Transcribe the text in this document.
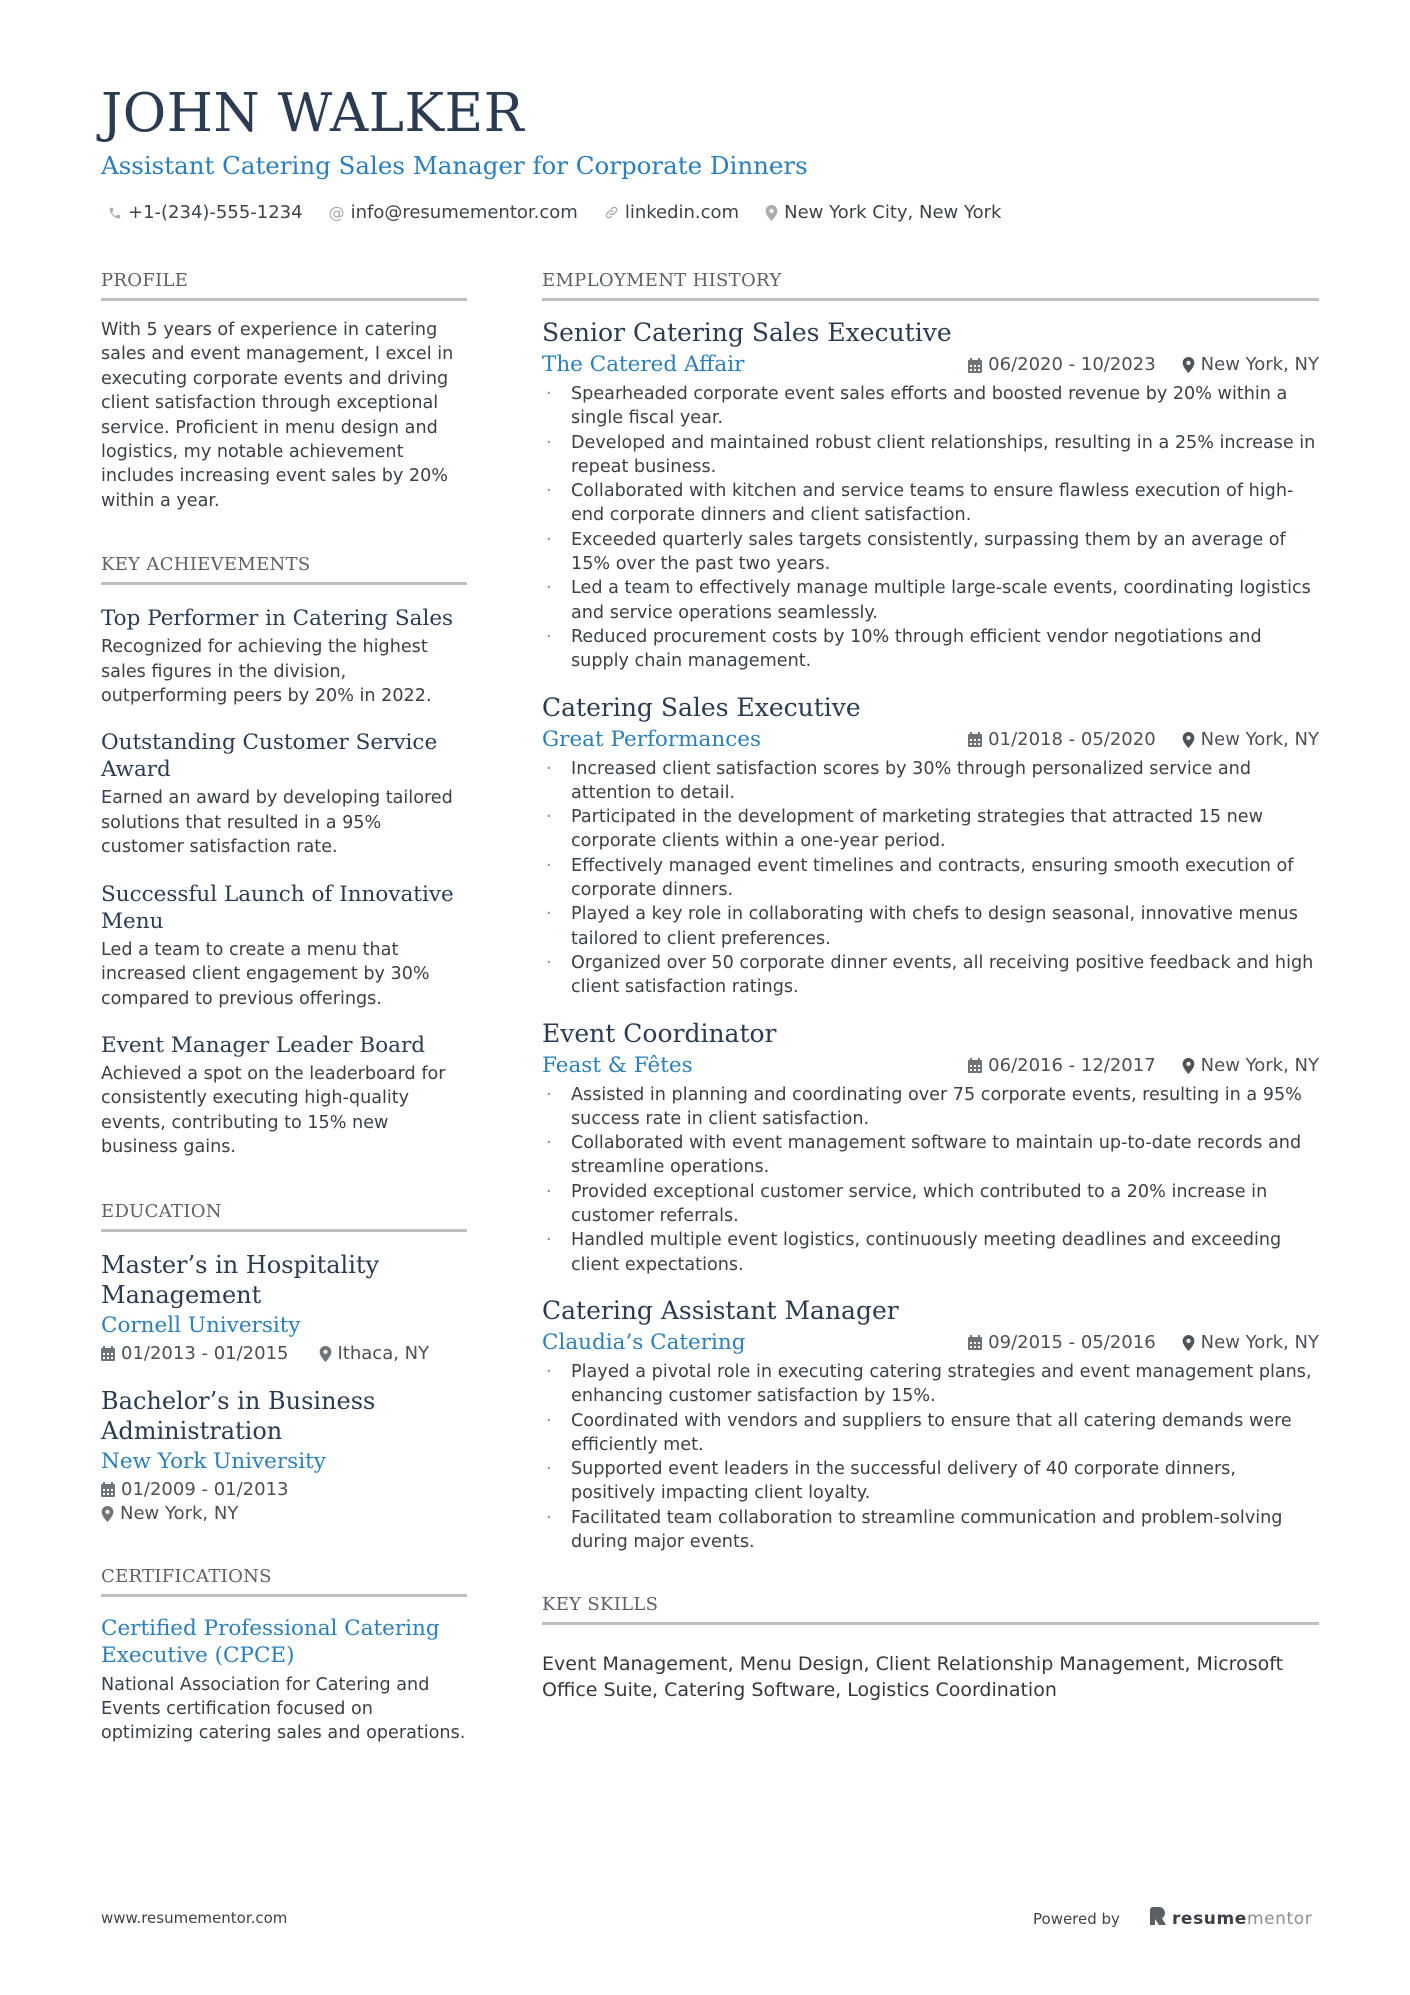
JOHN WALKER
Assistant Catering Sales Manager for Corporate Dinners
+1-(234)-555-1234 @ info@resumementor.com	linkedin.com	New York City, New York
PROFILE
With 5 years of experience in catering sales and event management, I excel in executing corporate events and driving client satisfaction through exceptional service. Proficient in menu design and logistics, my notable achievement includes increasing event sales by 20% within a year.
KEY ACHIEVEMENTS
Top Performer in Catering Sales
Recognized for achieving the highest sales figures in the division, outperforming peers by 20% in 2022.
Outstanding Customer Service Award
Earned an award by developing tailored solutions that resulted in a 95% customer satisfaction rate.
Successful Launch of Innovative Menu
Led a team to create a menu that increased client engagement by 30% compared to previous offerings.
Event Manager Leader Board
Achieved a spot on the leaderboard for consistently executing high-quality events, contributing to 15% new business gains.
EDUCATION
Master’s in Hospitality Management
Cornell University
01/2013 - 01/2015	Ithaca, NY
Bachelor’s in Business Administration
New York University
01/2009 - 01/2013
New York, NY
CERTIFICATIONS
Certified Professional Catering Executive (CPCE)
National Association for Catering and Events certification focused on optimizing catering sales and operations.
EMPLOYMENT HISTORY
Senior Catering Sales Executive
The Catered Affair	06/2020 - 10/2023	New York, NY
· Spearheaded corporate event sales efforts and boosted revenue by 20% within a single fiscal year.
· Developed and maintained robust client relationships, resulting in a 25% increase in repeat business.
· Collaborated with kitchen and service teams to ensure flawless execution of high-end corporate dinners and client satisfaction.
· Exceeded quarterly sales targets consistently, surpassing them by an average of 15% over the past two years.
· Led a team to effectively manage multiple large-scale events, coordinating logistics and service operations seamlessly.
· Reduced procurement costs by 10% through efficient vendor negotiations and supply chain management.
Catering Sales Executive
Great Performances	01/2018 - 05/2020	New York, NY
· Increased client satisfaction scores by 30% through personalized service and attention to detail.
· Participated in the development of marketing strategies that attracted 15 new corporate clients within a one-year period.
· Effectively managed event timelines and contracts, ensuring smooth execution of corporate dinners.
· Played a key role in collaborating with chefs to design seasonal, innovative menus tailored to client preferences.
· Organized over 50 corporate dinner events, all receiving positive feedback and high client satisfaction ratings.
Event Coordinator
Feast & Fêtes	06/2016 - 12/2017	New York, NY
· Assisted in planning and coordinating over 75 corporate events, resulting in a 95% success rate in client satisfaction.
· Collaborated with event management software to maintain up-to-date records and streamline operations.
· Provided exceptional customer service, which contributed to a 20% increase in customer referrals.
· Handled multiple event logistics, continuously meeting deadlines and exceeding client expectations.
Catering Assistant Manager
Claudia’s Catering	09/2015 - 05/2016	New York, NY
· Played a pivotal role in executing catering strategies and event management plans, enhancing customer satisfaction by 15%.
· Coordinated with vendors and suppliers to ensure that all catering demands were efficiently met.
· Supported event leaders in the successful delivery of 40 corporate dinners, positively impacting client loyalty.
· Facilitated team collaboration to streamline communication and problem-solving during major events.
KEY SKILLS
Event Management, Menu Design, Client Relationship Management, Microsoft Office Suite, Catering Software, Logistics Coordination
www.resumementor.com	Powered by	resumementor
